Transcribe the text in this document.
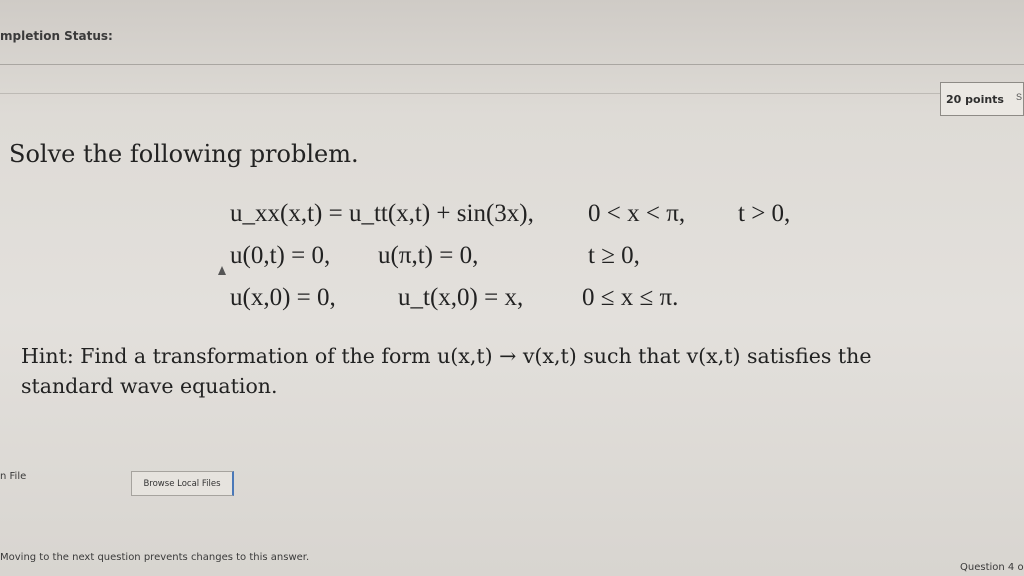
mpletion Status:
20 points	S
Solve the following problem.
u_xx(x,t) = u_tt(x,t) + sin(3x), 0 < x < π, t > 0,
u(0,t) = 0, u(π,t) = 0,	t ≥ 0,
u(x,0) = 0, u_t(x,0) = x, 0 ≤ x ≤ π.
Hint: Find a transformation of the form u(x,t) → v(x,t) such that v(x,t) satisfies the
standard wave equation.
n File
Browse Local Files
Moving to the next question prevents changes to this answer.
Question 4 o
